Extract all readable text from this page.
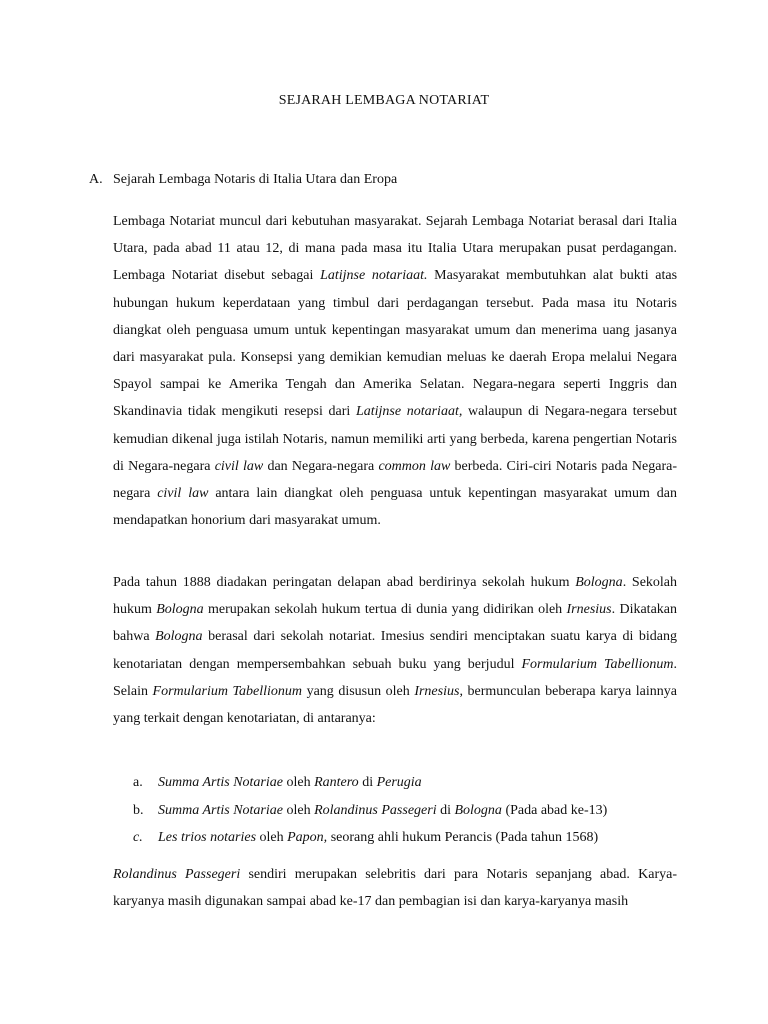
SEJARAH LEMBAGA NOTARIAT
A. Sejarah Lembaga Notaris di Italia Utara dan Eropa

Lembaga Notariat muncul dari kebutuhan masyarakat. Sejarah Lembaga Notariat berasal dari Italia Utara, pada abad 11 atau 12, di mana pada masa itu Italia Utara merupakan pusat perdagangan. Lembaga Notariat disebut sebagai Latijnse notariaat. Masyarakat membutuhkan alat bukti atas hubungan hukum keperdataan yang timbul dari perdagangan tersebut. Pada masa itu Notaris diangkat oleh penguasa umum untuk kepentingan masyarakat umum dan menerima uang jasanya dari masyarakat pula. Konsepsi yang demikian kemudian meluas ke daerah Eropa melalui Negara Spayol sampai ke Amerika Tengah dan Amerika Selatan. Negara-negara seperti Inggris dan Skandinavia tidak mengikuti resepsi dari Latijnse notariaat, walaupun di Negara-negara tersebut kemudian dikenal juga istilah Notaris, namun memiliki arti yang berbeda, karena pengertian Notaris di Negara-negara civil law dan Negara-negara common law berbeda. Ciri-ciri Notaris pada Negara-negara civil law antara lain diangkat oleh penguasa untuk kepentingan masyarakat umum dan mendapatkan honorium dari masyarakat umum.

Pada tahun 1888 diadakan peringatan delapan abad berdirinya sekolah hukum Bologna. Sekolah hukum Bologna merupakan sekolah hukum tertua di dunia yang didirikan oleh Irnesius. Dikatakan bahwa Bologna berasal dari sekolah notariat. Imesius sendiri menciptakan suatu karya di bidang kenotariatan dengan mempersembahkan sebuah buku yang berjudul Formularium Tabellionum. Selain Formularium Tabellionum yang disusun oleh Irnesius, bermunculan beberapa karya lainnya yang terkait dengan kenotariatan, di antaranya:

a. Summa Artis Notariae oleh Rantero di Perugia
b. Summa Artis Notariae oleh Rolandinus Passegeri di Bologna (Pada abad ke-13)
c. Les trios notaries oleh Papon, seorang ahli hukum Perancis (Pada tahun 1568)

Rolandinus Passegeri sendiri merupakan selebritis dari para Notaris sepanjang abad. Karya-karyanya masih digunakan sampai abad ke-17 dan pembagian isi dan karya-karyanya masih
